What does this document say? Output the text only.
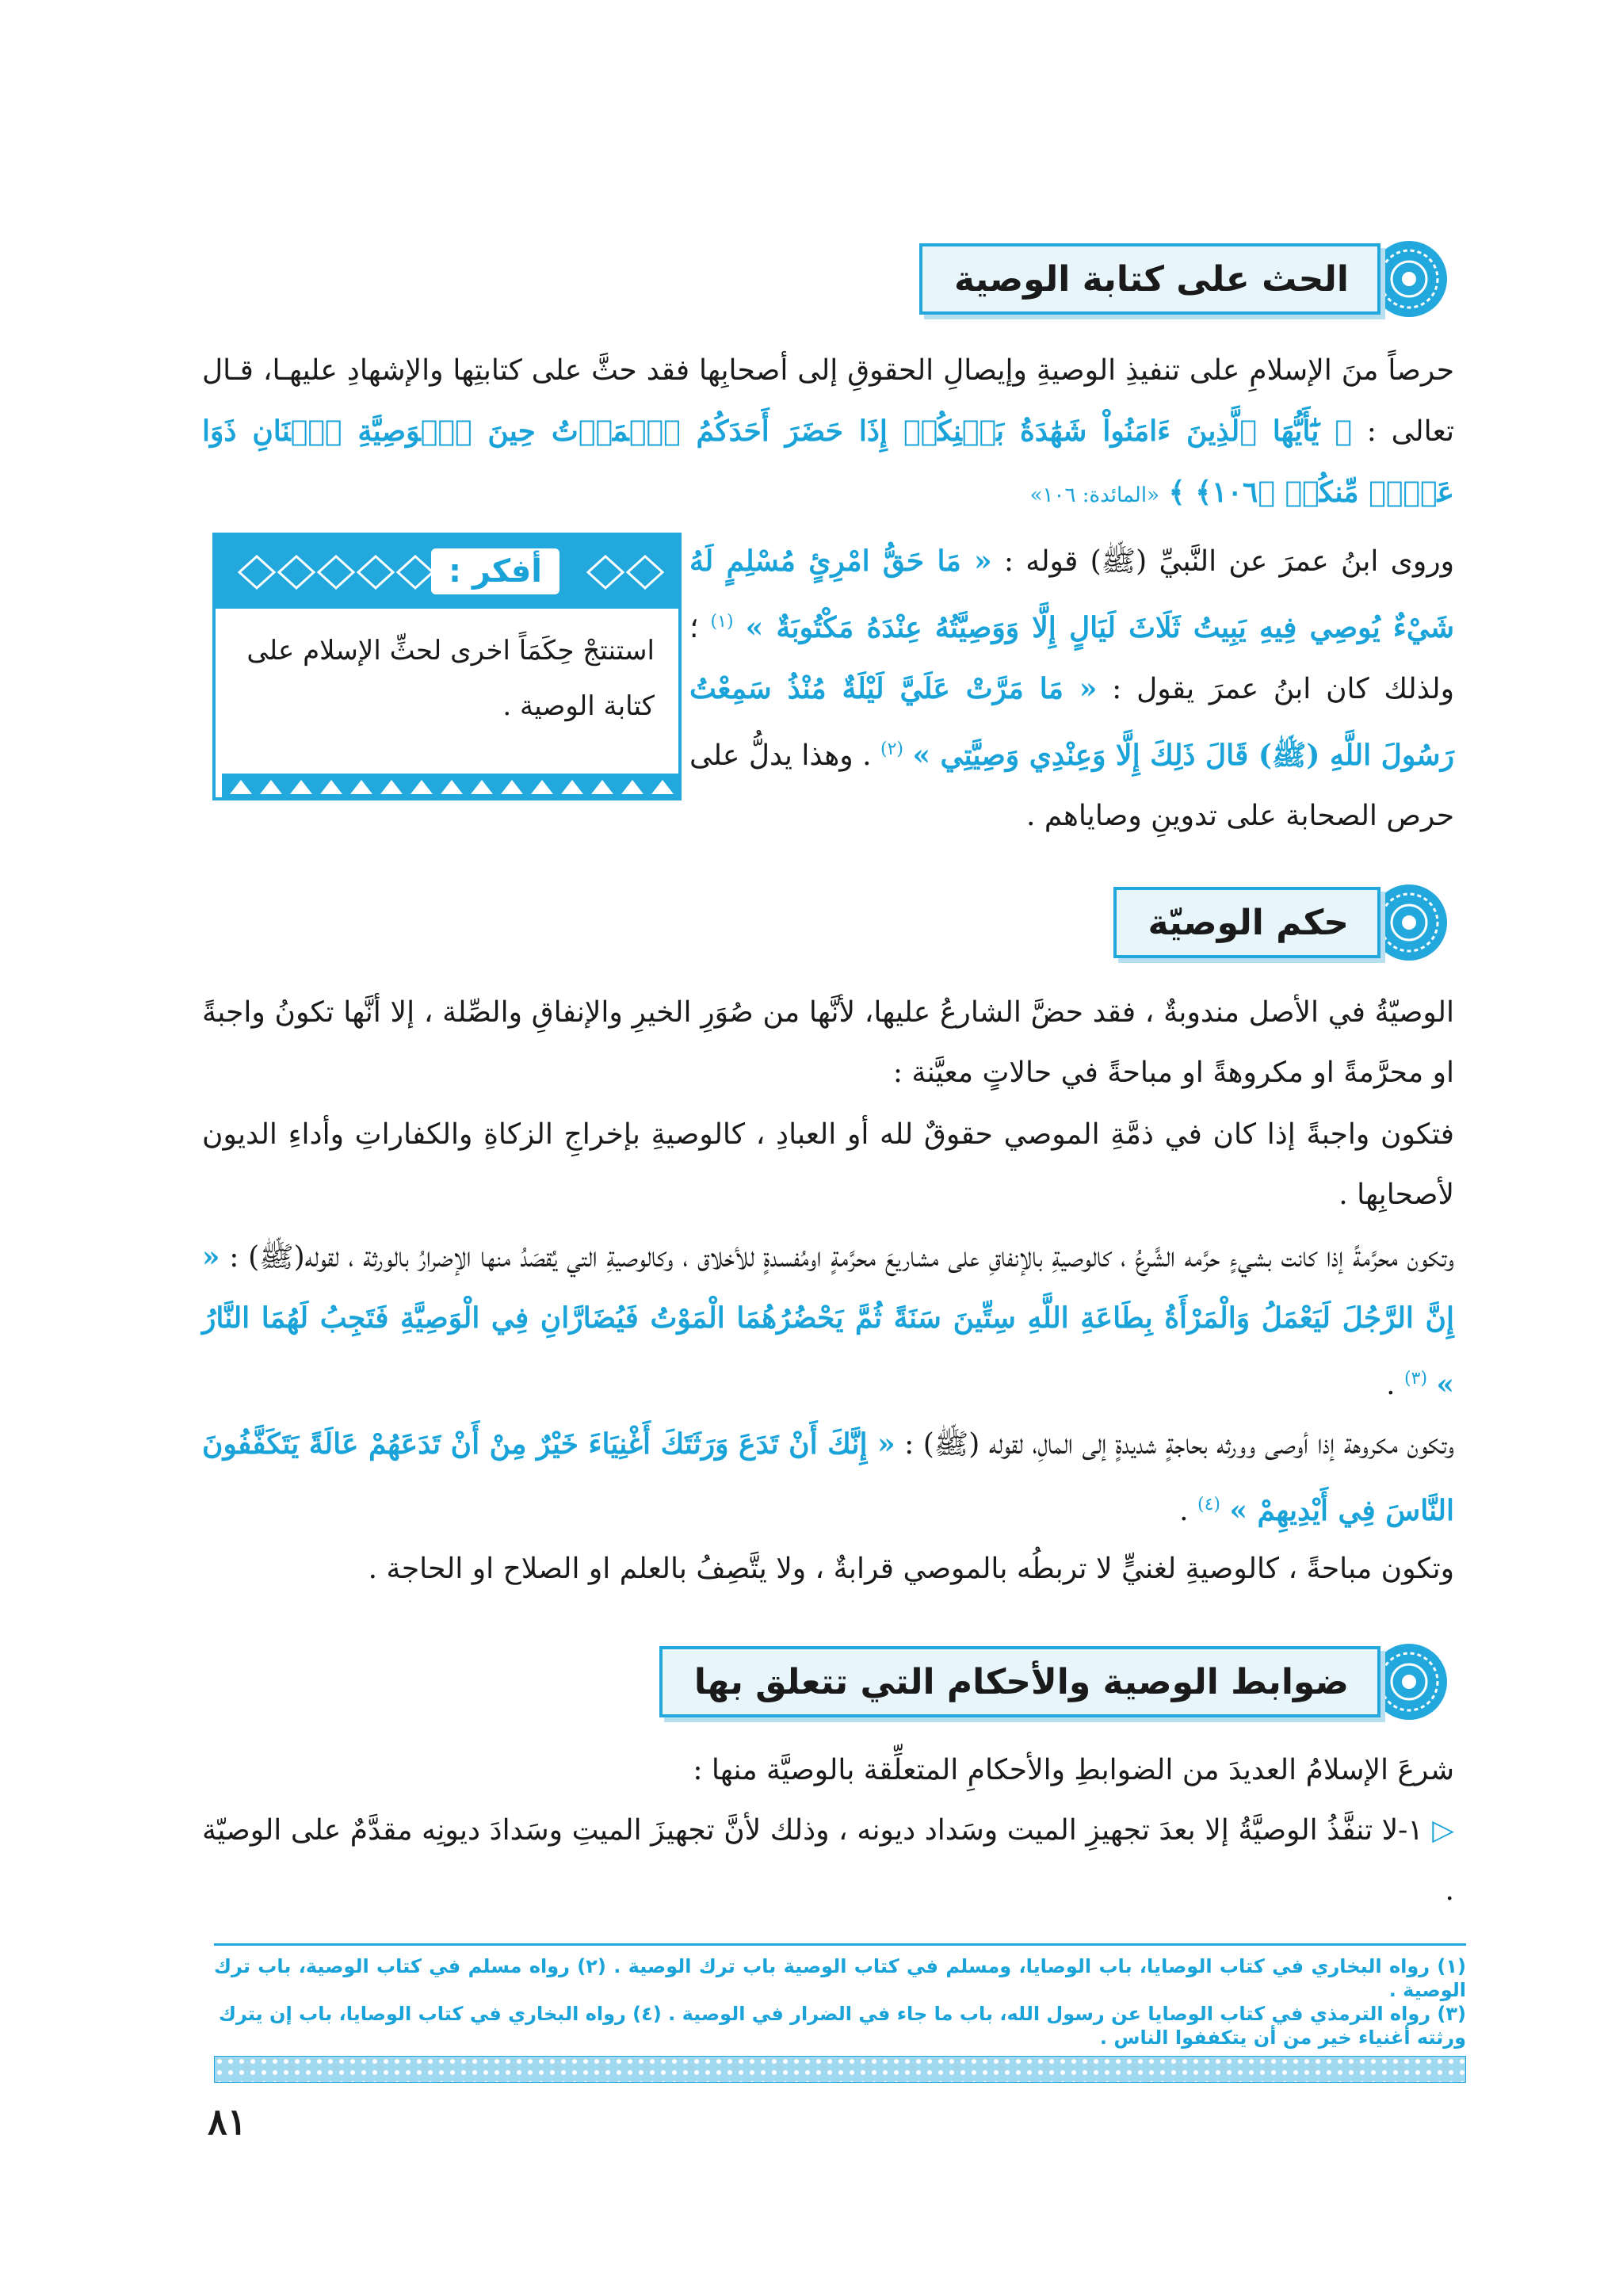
الحث على كتابة الوصية

حرصاً منَ الإسلامِ على تنفيذِ الوصيةِ وإيصالِ الحقوقِ إلى أصحابِها فقد حثَّ على كتابتِها والإشهادِ عليهـا، قـال تعالى : ﴿ يَٰٓأَيُّهَا ٱلَّذِينَ ءَامَنُواْ شَهَٰدَةُ بَيۡنِكُمۡ إِذَا حَضَرَ أَحَدَكُمُ ٱلۡمَوۡتُ حِينَ ٱلۡوَصِيَّةِ ٱثۡنَانِ ذَوَا عَدۡلٖ مِّنكُمۡ ﴿١٠٦﴾ ﴾ «المائدة: ١٠٦»

أفكر :
استنتجْ حِكَمَاً اخرى لحثِّ الإسلام على كتابة الوصية .

وروى ابنُ عمرَ عن النَّبيِّ (ﷺ) قوله : « مَا حَقُّ امْرِئٍ مُسْلِمٍ لَهُ شَيْءٌ يُوصِي فِيهِ يَبِيتُ ثَلَاثَ لَيَالٍ إِلَّا وَوَصِيَّتُهُ عِنْدَهُ مَكْتُوبَةٌ » $^{(١)}$ ؛ ولذلك كان ابنُ عمرَ يقول : « مَا مَرَّتْ عَلَيَّ لَيْلَةٌ مُنْذُ سَمِعْتُ رَسُولَ اللَّهِ (ﷺ) قَالَ ذَلِكَ إِلَّا وَعِنْدِي وَصِيَّتِي » $^{(٢)}$ . وهذا يدلُّ على حرص الصحابة على تدوينِ وصاياهم .

حكم الوصيّة

الوصيّةُ في الأصل مندوبةٌ ، فقد حضَّ الشارعُ عليها، لأنَّها من صُوَرِ الخيرِ والإنفاقِ والصِّلة ، إلا أنَّها تكونُ واجبةً او محرَّمةً او مكروهةً او مباحةً في حالاتٍ معيَّنة :

فتكون واجبةً إذا كان في ذمَّةِ الموصي حقوقٌ لله أو العبادِ ، كالوصيةِ بإخراجِ الزكاةِ والكفاراتِ وأداءِ الديون لأصحابِها .

وتكون محرَّمةً إذا كانت بشيءٍ حرَّمه الشَّرعُ ، كالوصيةِ بالإنفاقِ على مشاريعَ محرَّمةٍ اومُفسدةٍ للأخلاق ، وكالوصيةِ التي يُقصَدُ منها الإضرارُ بالورثة ، لقوله(ﷺ) : « إِنَّ الرَّجُلَ لَيَعْمَلُ وَالْمَرْأَةُ بِطَاعَةِ اللَّهِ سِتِّينَ سَنَةً ثُمَّ يَحْضُرُهُمَا الْمَوْتُ فَيُضَارَّانِ فِي الْوَصِيَّةِ فَتَجِبُ لَهُمَا النَّارُ » $^{(٣)}$ .

وتكون مكروهة إذا أوصى وورثه بحاجةٍ شديدةٍ إلى المالِ، لقوله (ﷺ) : « إِنَّكَ أَنْ تَدَعَ وَرَثَتَكَ أَغْنِيَاءَ خَيْرٌ مِنْ أَنْ تَدَعَهُمْ عَالَةً يَتَكَفَّفُونَ النَّاسَ فِي أَيْدِيهِمْ » $^{(٤)}$ .

وتكون مباحةً ، كالوصيةِ لغنيٍّ لا تربطُه بالموصي قرابةٌ ، ولا يتَّصِفُ بالعلم او الصلاح او الحاجة .

ضوابط الوصية والأحكام التي تتعلق بها

شرعَ الإسلامُ العديدَ من الضوابطِ والأحكامِ المتعلِّقة بالوصيَّة منها :

▷ ١-لا تنفَّذُ الوصيَّةُ إلا بعدَ تجهيزِ الميت وسَداد ديونه ، وذلك لأنَّ تجهيزَ الميتِ وسَدادَ ديونِه مقدَّمٌ على الوصيّة .

(١) رواه البخاري في كتاب الوصايا، باب الوصايا، ومسلم في كتاب الوصية باب ترك الوصية . (٢) رواه مسلم في كتاب الوصية، باب ترك الوصية .
(٣) رواه الترمذي في كتاب الوصايا عن رسول الله، باب ما جاء في الضرار في الوصية . (٤) رواه البخاري في كتاب الوصايا، باب إن يترك
ورثته أغنياء خير من أن يتكففوا الناس .
٨١
